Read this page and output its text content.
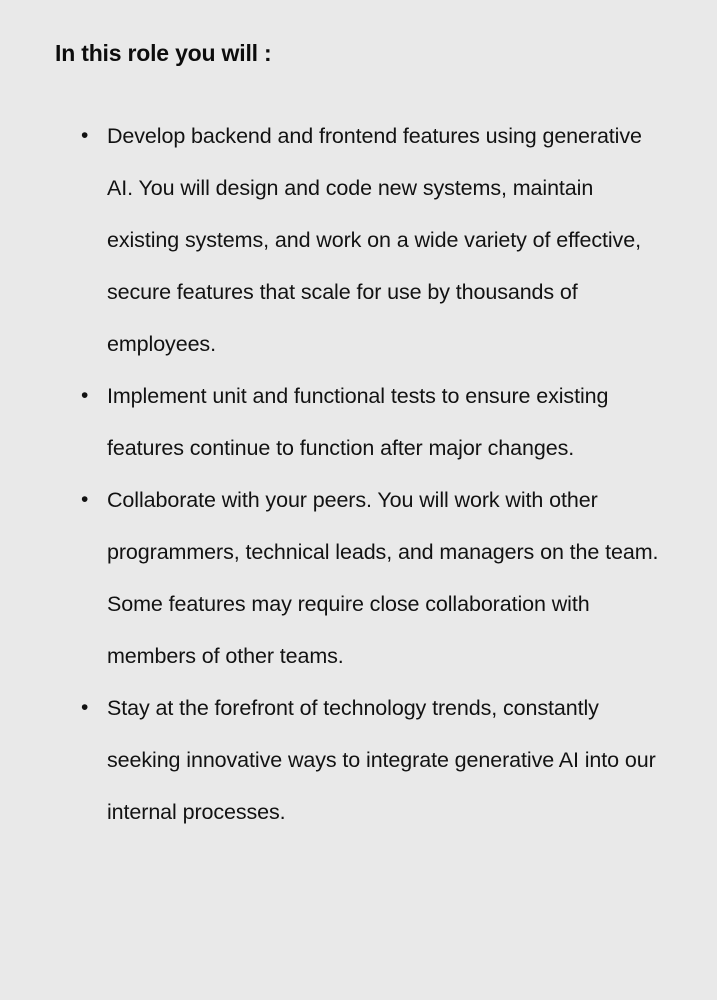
In this role you will :
• Develop backend and frontend features using generative AI. You will design and code new systems, maintain existing systems, and work on a wide variety of effective, secure features that scale for use by thousands of employees.
• Implement unit and functional tests to ensure existing features continue to function after major changes.
• Collaborate with your peers. You will work with other programmers, technical leads, and managers on the team. Some features may require close collaboration with members of other teams.
• Stay at the forefront of technology trends, constantly seeking innovative ways to integrate generative AI into our internal processes.
